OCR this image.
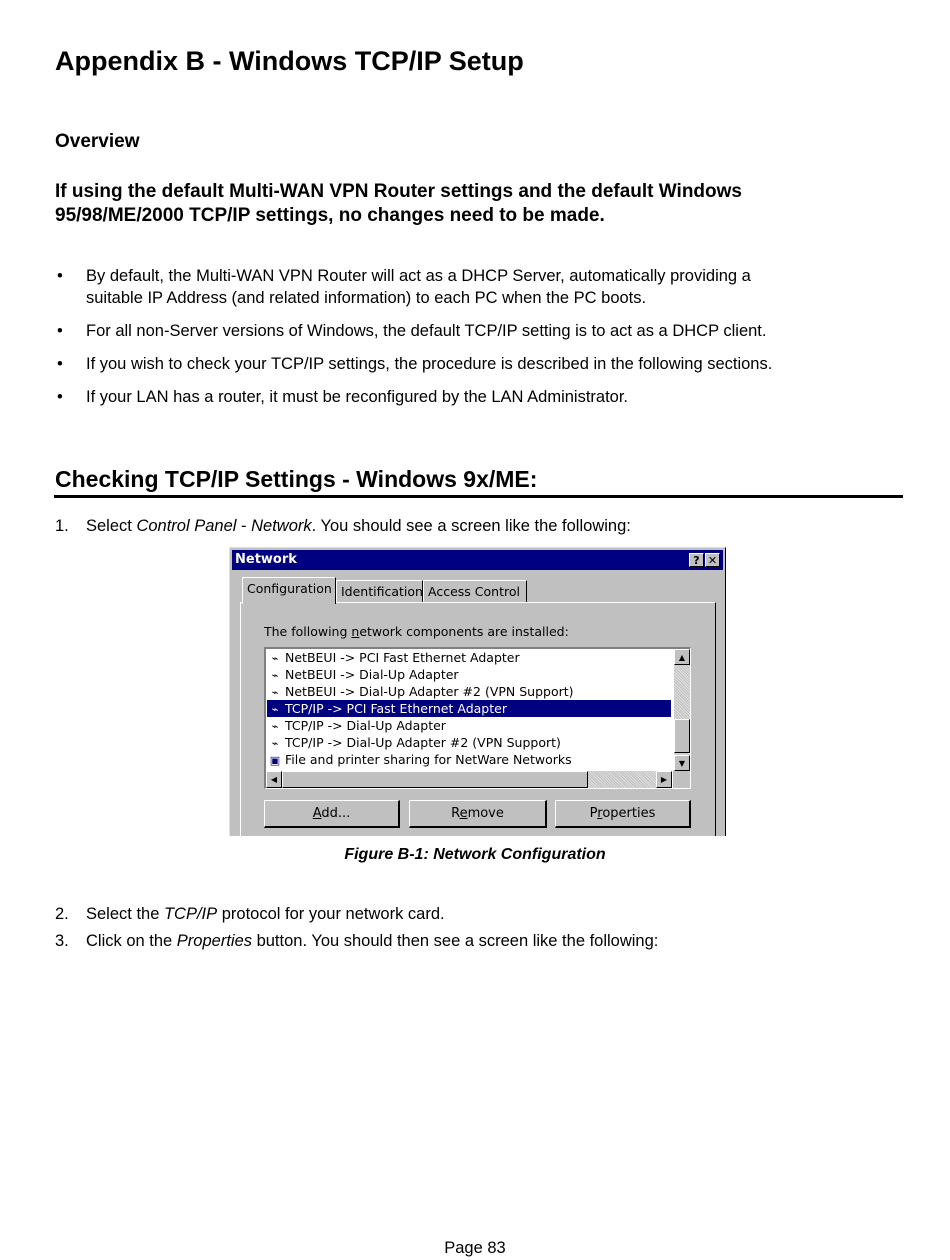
Appendix B - Windows TCP/IP Setup
Overview
If using the default Multi-WAN VPN Router settings and the default Windows
95/98/ME/2000 TCP/IP settings, no changes need to be made.
• By default, the Multi-WAN VPN Router will act as a DHCP Server, automatically providing a
suitable IP Address (and related information) to each PC when the PC boots.
• For all non-Server versions of Windows, the default TCP/IP setting is to act as a DHCP client.
• If you wish to check your TCP/IP settings, the procedure is described in the following sections.
• If your LAN has a router, it must be reconfigured by the LAN Administrator.
Checking TCP/IP Settings - Windows 9x/ME:
1. Select Control Panel - Network. You should see a screen like the following:
Network	? ✕
Configuration Identification Access Control
The following network components are installed:
⌁ NetBEUI -> PCI Fast Ethernet Adapter
⌁ NetBEUI -> Dial-Up Adapter
⌁ NetBEUI -> Dial-Up Adapter #2 (VPN Support)
⌁ TCP/IP -> PCI Fast Ethernet Adapter
⌁ TCP/IP -> Dial-Up Adapter
⌁ TCP/IP -> Dial-Up Adapter #2 (VPN Support)
▣ File and printer sharing for NetWare Networks
▲
▼
◀	▶
Add...	Remove	Properties
Figure B-1: Network Configuration
2. Select the TCP/IP protocol for your network card.
3. Click on the Properties button. You should then see a screen like the following:
Page 83
